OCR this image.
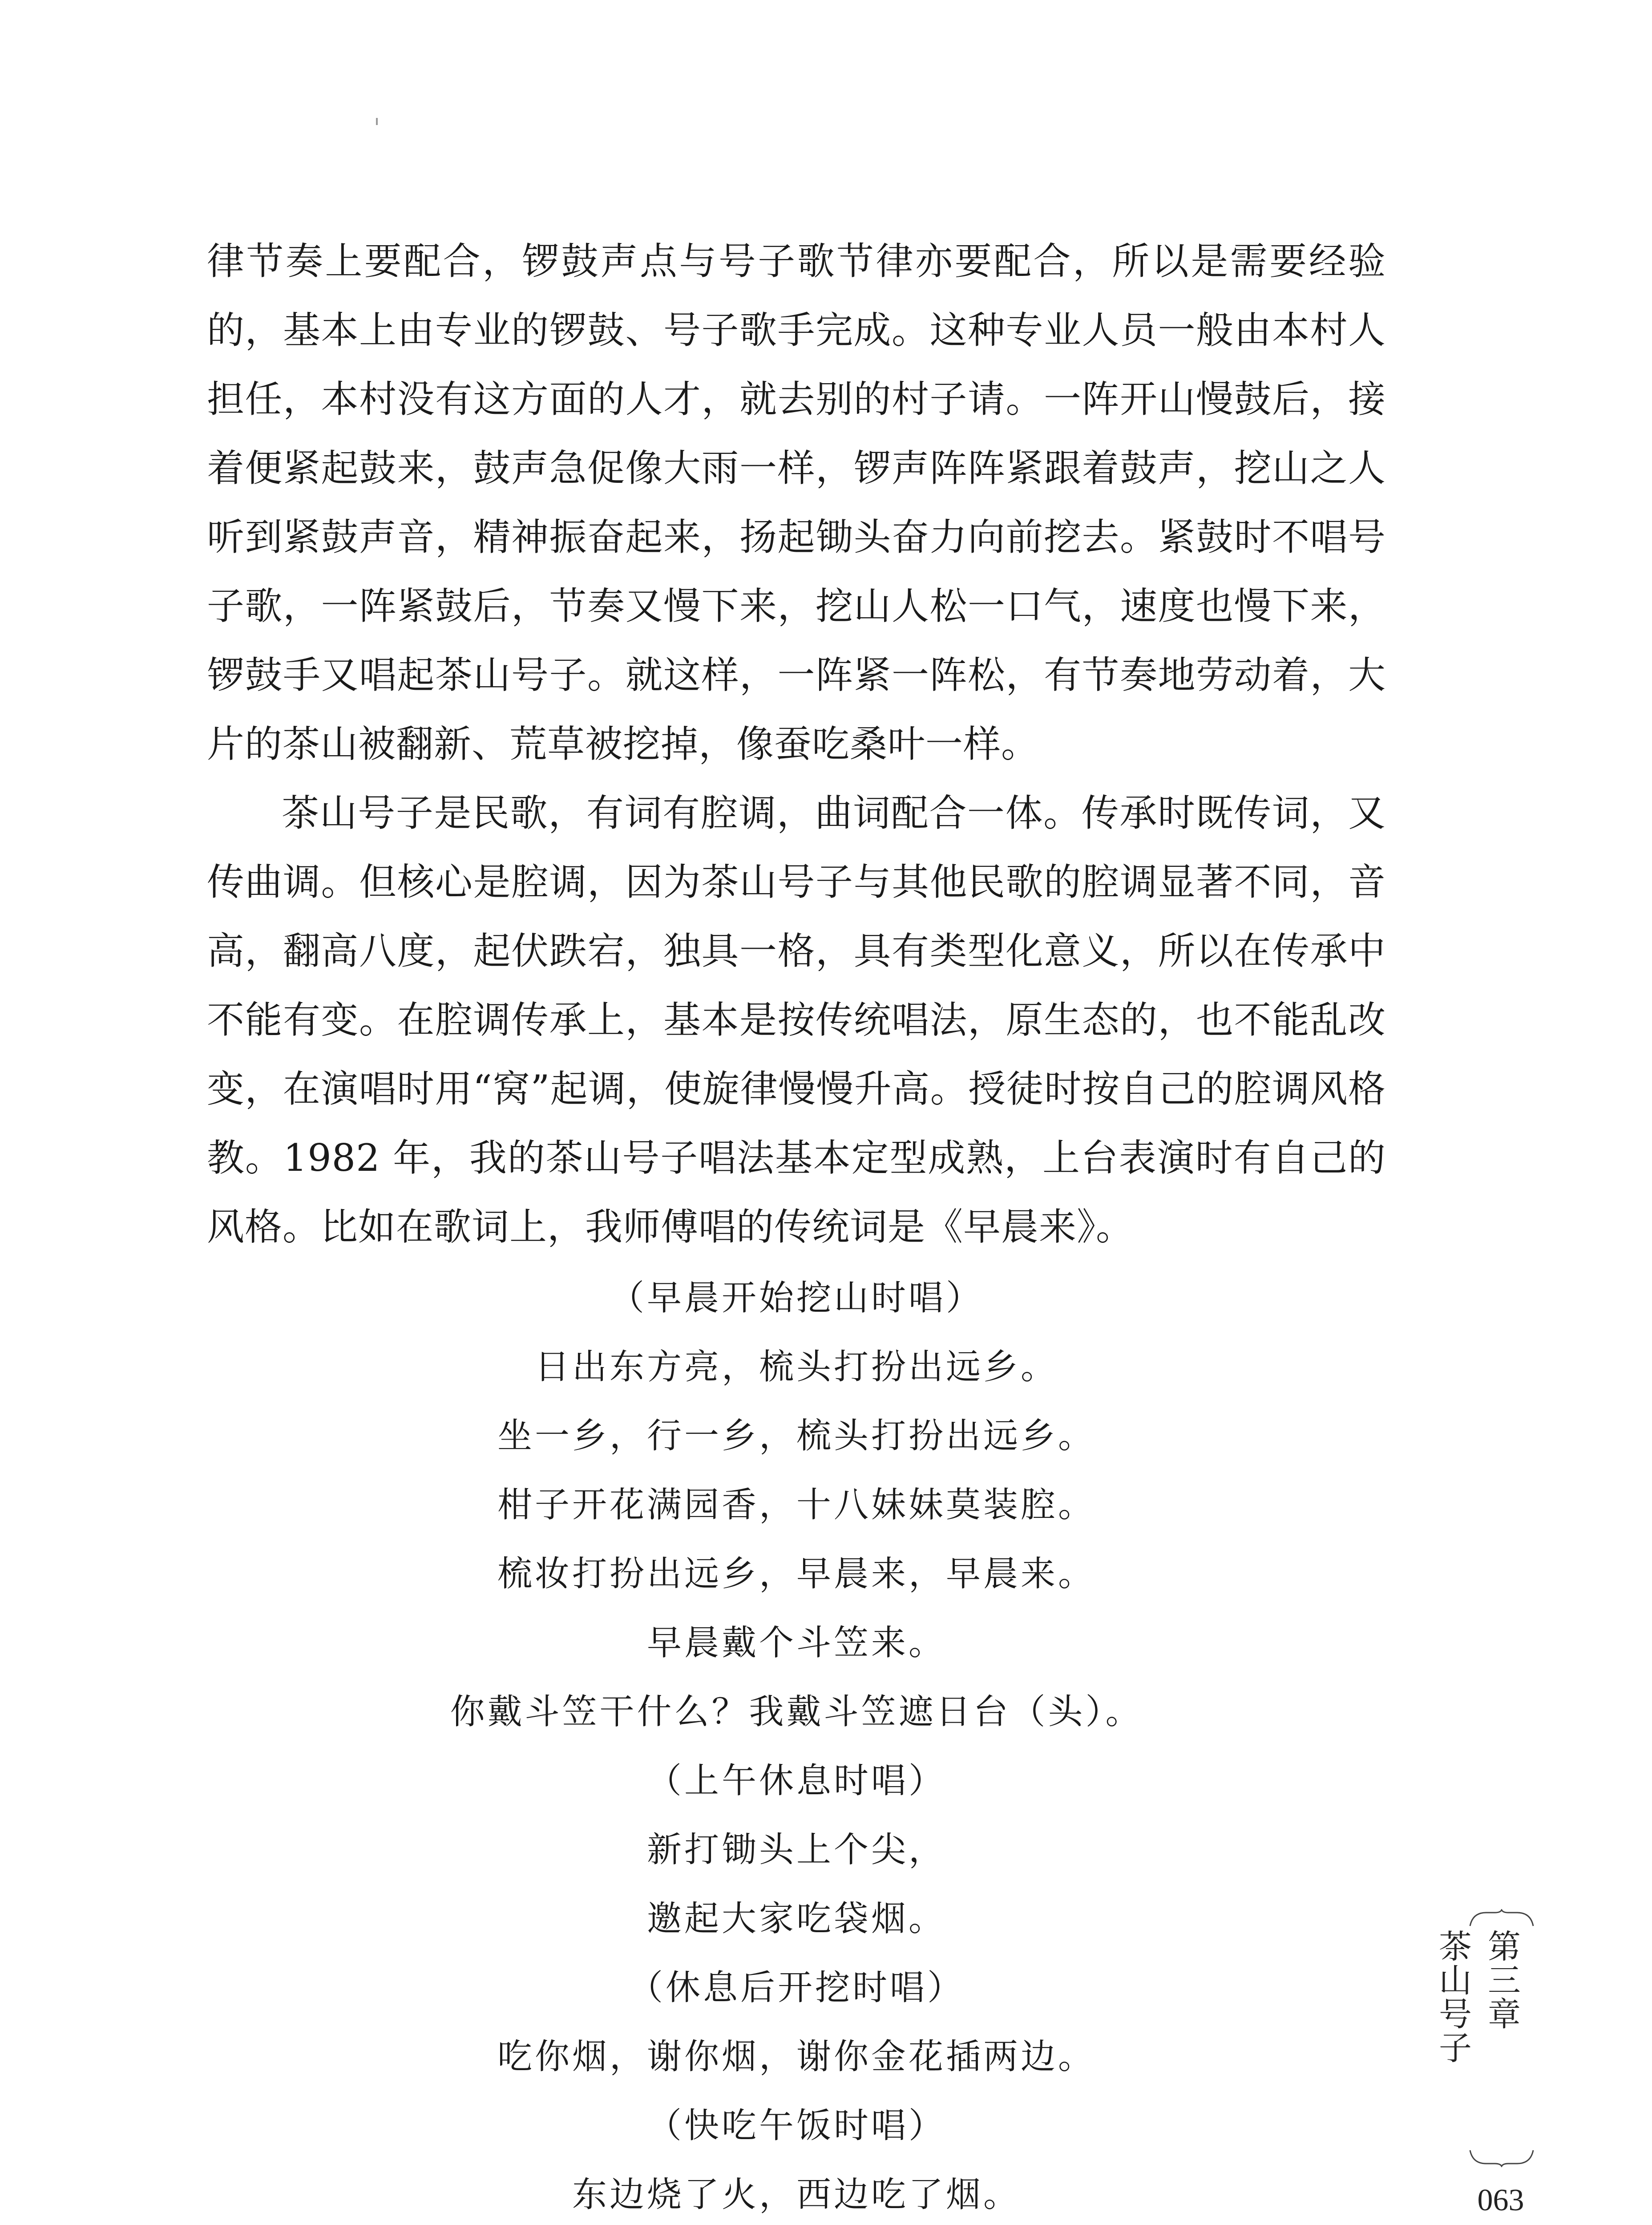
律节奏上要配合，锣鼓声点与号子歌节律亦要配合，所以是需要经验的，基本上由专业的锣鼓、号子歌手完成。这种专业人员一般由本村人担任，本村没有这方面的人才，就去别的村子请。一阵开山慢鼓后，接着便紧起鼓来，鼓声急促像大雨一样，锣声阵阵紧跟着鼓声，挖山之人听到紧鼓声音，精神振奋起来，扬起锄头奋力向前挖去。紧鼓时不唱号子歌，一阵紧鼓后，节奏又慢下来，挖山人松一口气，速度也慢下来，锣鼓手又唱起茶山号子。就这样，一阵紧一阵松，有节奏地劳动着，大片的茶山被翻新、荒草被挖掉，像蚕吃桑叶一样。

茶山号子是民歌，有词有腔调，曲词配合一体。传承时既传词，又传曲调。但核心是腔调，因为茶山号子与其他民歌的腔调显著不同，音高，翻高八度，起伏跌宕，独具一格，具有类型化意义，所以在传承中不能有变。在腔调传承上，基本是按传统唱法，原生态的，也不能乱改变，在演唱时用“窝”起调，使旋律慢慢升高。授徒时按自己的腔调风格教。1982 年，我的茶山号子唱法基本定型成熟，上台表演时有自己的风格。比如在歌词上，我师傅唱的传统词是《早晨来》。

（早晨开始挖山时唱）
日出东方亮，梳头打扮出远乡。
坐一乡，行一乡，梳头打扮出远乡。
柑子开花满园香，十八妹妹莫装腔。
梳妆打扮出远乡，早晨来，早晨来。
早晨戴个斗笠来。
你戴斗笠干什么？我戴斗笠遮日台（头）。
（上午休息时唱）
新打锄头上个尖，
邀起大家吃袋烟。
（休息后开挖时唱）
吃你烟，谢你烟，谢你金花插两边。
（快吃午饭时唱）
东边烧了火，西边吃了烟。
第三章茶山号子
063
